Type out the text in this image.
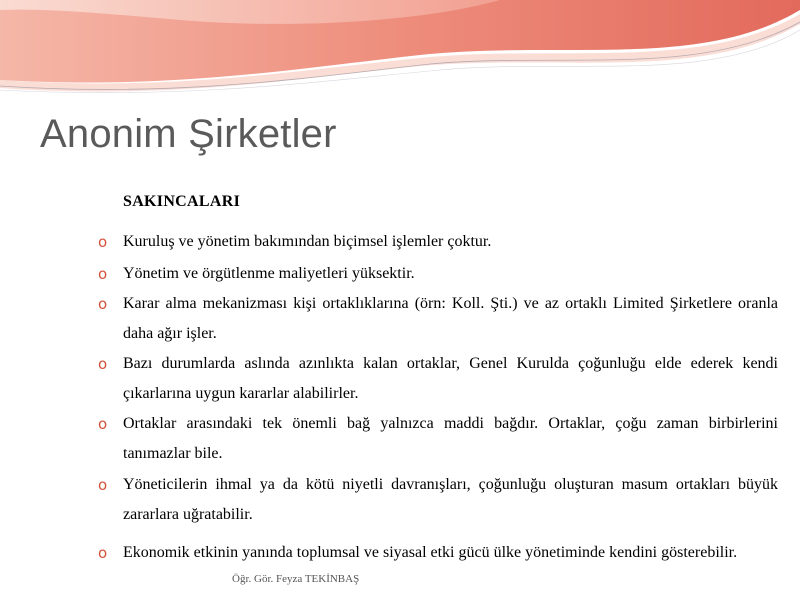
Anonim Şirketler
SAKINCALARI
o Kuruluş ve yönetim bakımından biçimsel işlemler çoktur.
o Yönetim ve örgütlenme maliyetleri yüksektir.
o Karar alma mekanizması kişi ortaklıklarına (örn: Koll. Şti.) ve az ortaklı Limited Şirketlere oranla daha ağır işler.
o Bazı durumlarda aslında azınlıkta kalan ortaklar, Genel Kurulda çoğunluğu elde ederek kendi çıkarlarına uygun kararlar alabilirler.
o Ortaklar arasındaki tek önemli bağ yalnızca maddi bağdır. Ortaklar, çoğu zaman birbirlerini tanımazlar bile.
o Yöneticilerin ihmal ya da kötü niyetli davranışları, çoğunluğu oluşturan masum ortakları büyük zararlara uğratabilir.
o Ekonomik etkinin yanında toplumsal ve siyasal etki gücü ülke yönetiminde kendini gösterebilir.
Öğr. Gör. Feyza TEKİNBAŞ
